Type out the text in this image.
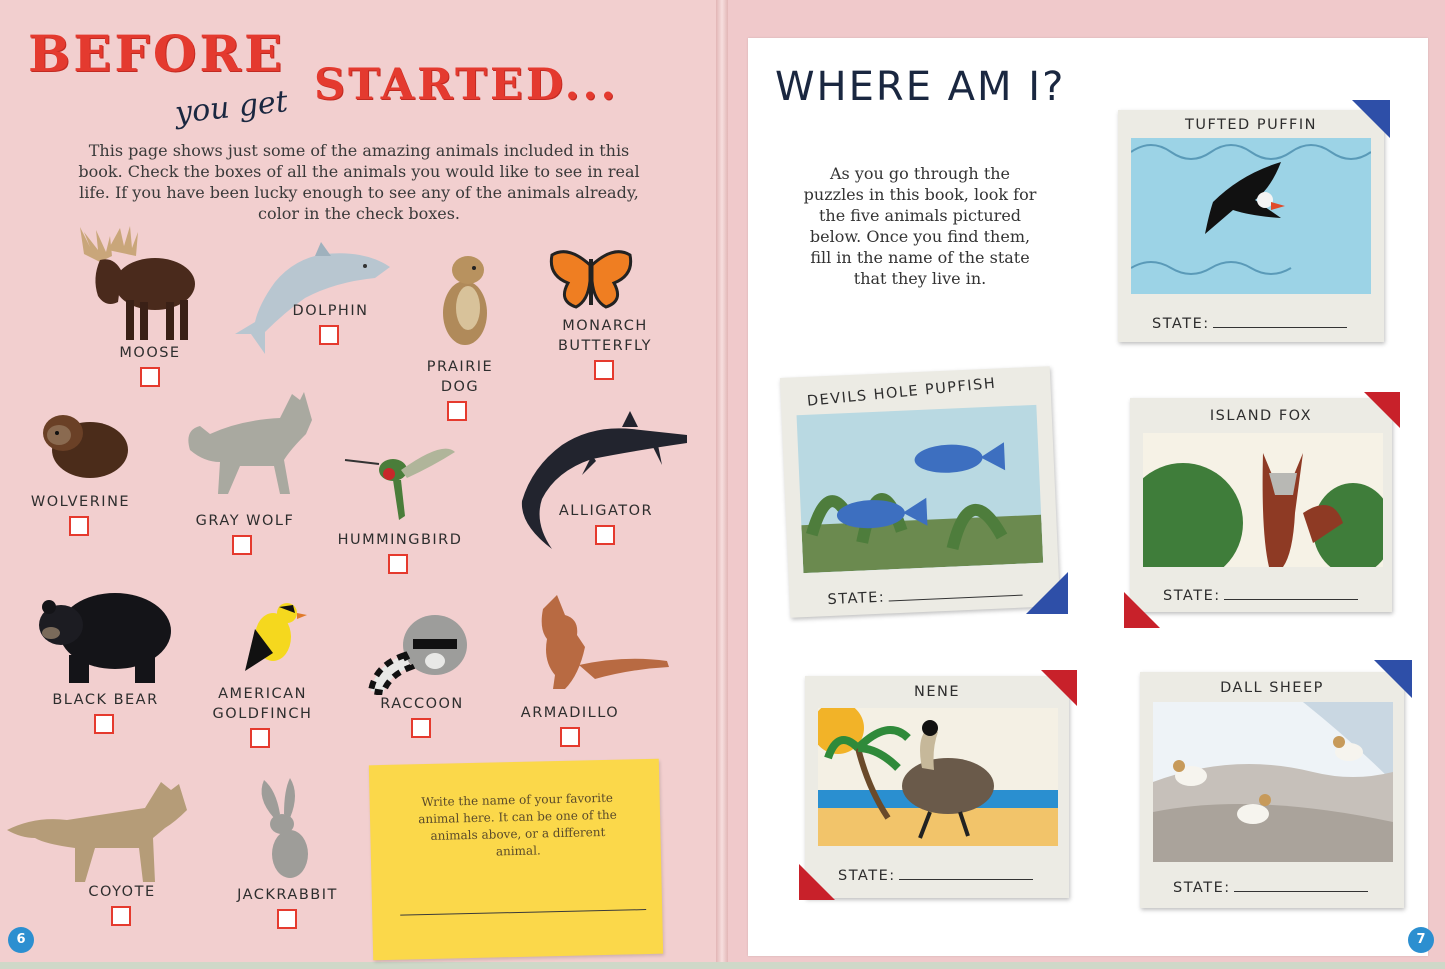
BEFORE
you get STARTED...
This page shows just some of the amazing animals included in this book. Check the boxes of all the animals you would like to see in real life. If you have been lucky enough to see any of the animals already, color in the check boxes.
MOOSE
DOLPHIN
PRAIRIE
DOG
MONARCH
BUTTERFLY
WOLVERINE
GRAY WOLF
HUMMINGBIRD
ALLIGATOR
BLACK BEAR	AMERICAN
GOLDFINCH
RACCOON
ARMADILLO
COYOTE	JACKRABBIT
Write the name of your favorite animal here. It can be one of the animals above, or a different animal.
6
WHERE AM I?
As you go through the puzzles in this book, look for the five animals pictured below. Once you find them, fill in the name of the state that they live in.
TUFTED PUFFIN
STATE:
DEVILS HOLE PUPFISH
STATE:
ISLAND FOX
STATE:
NENE
STATE:
DALL SHEEP
STATE:
7
